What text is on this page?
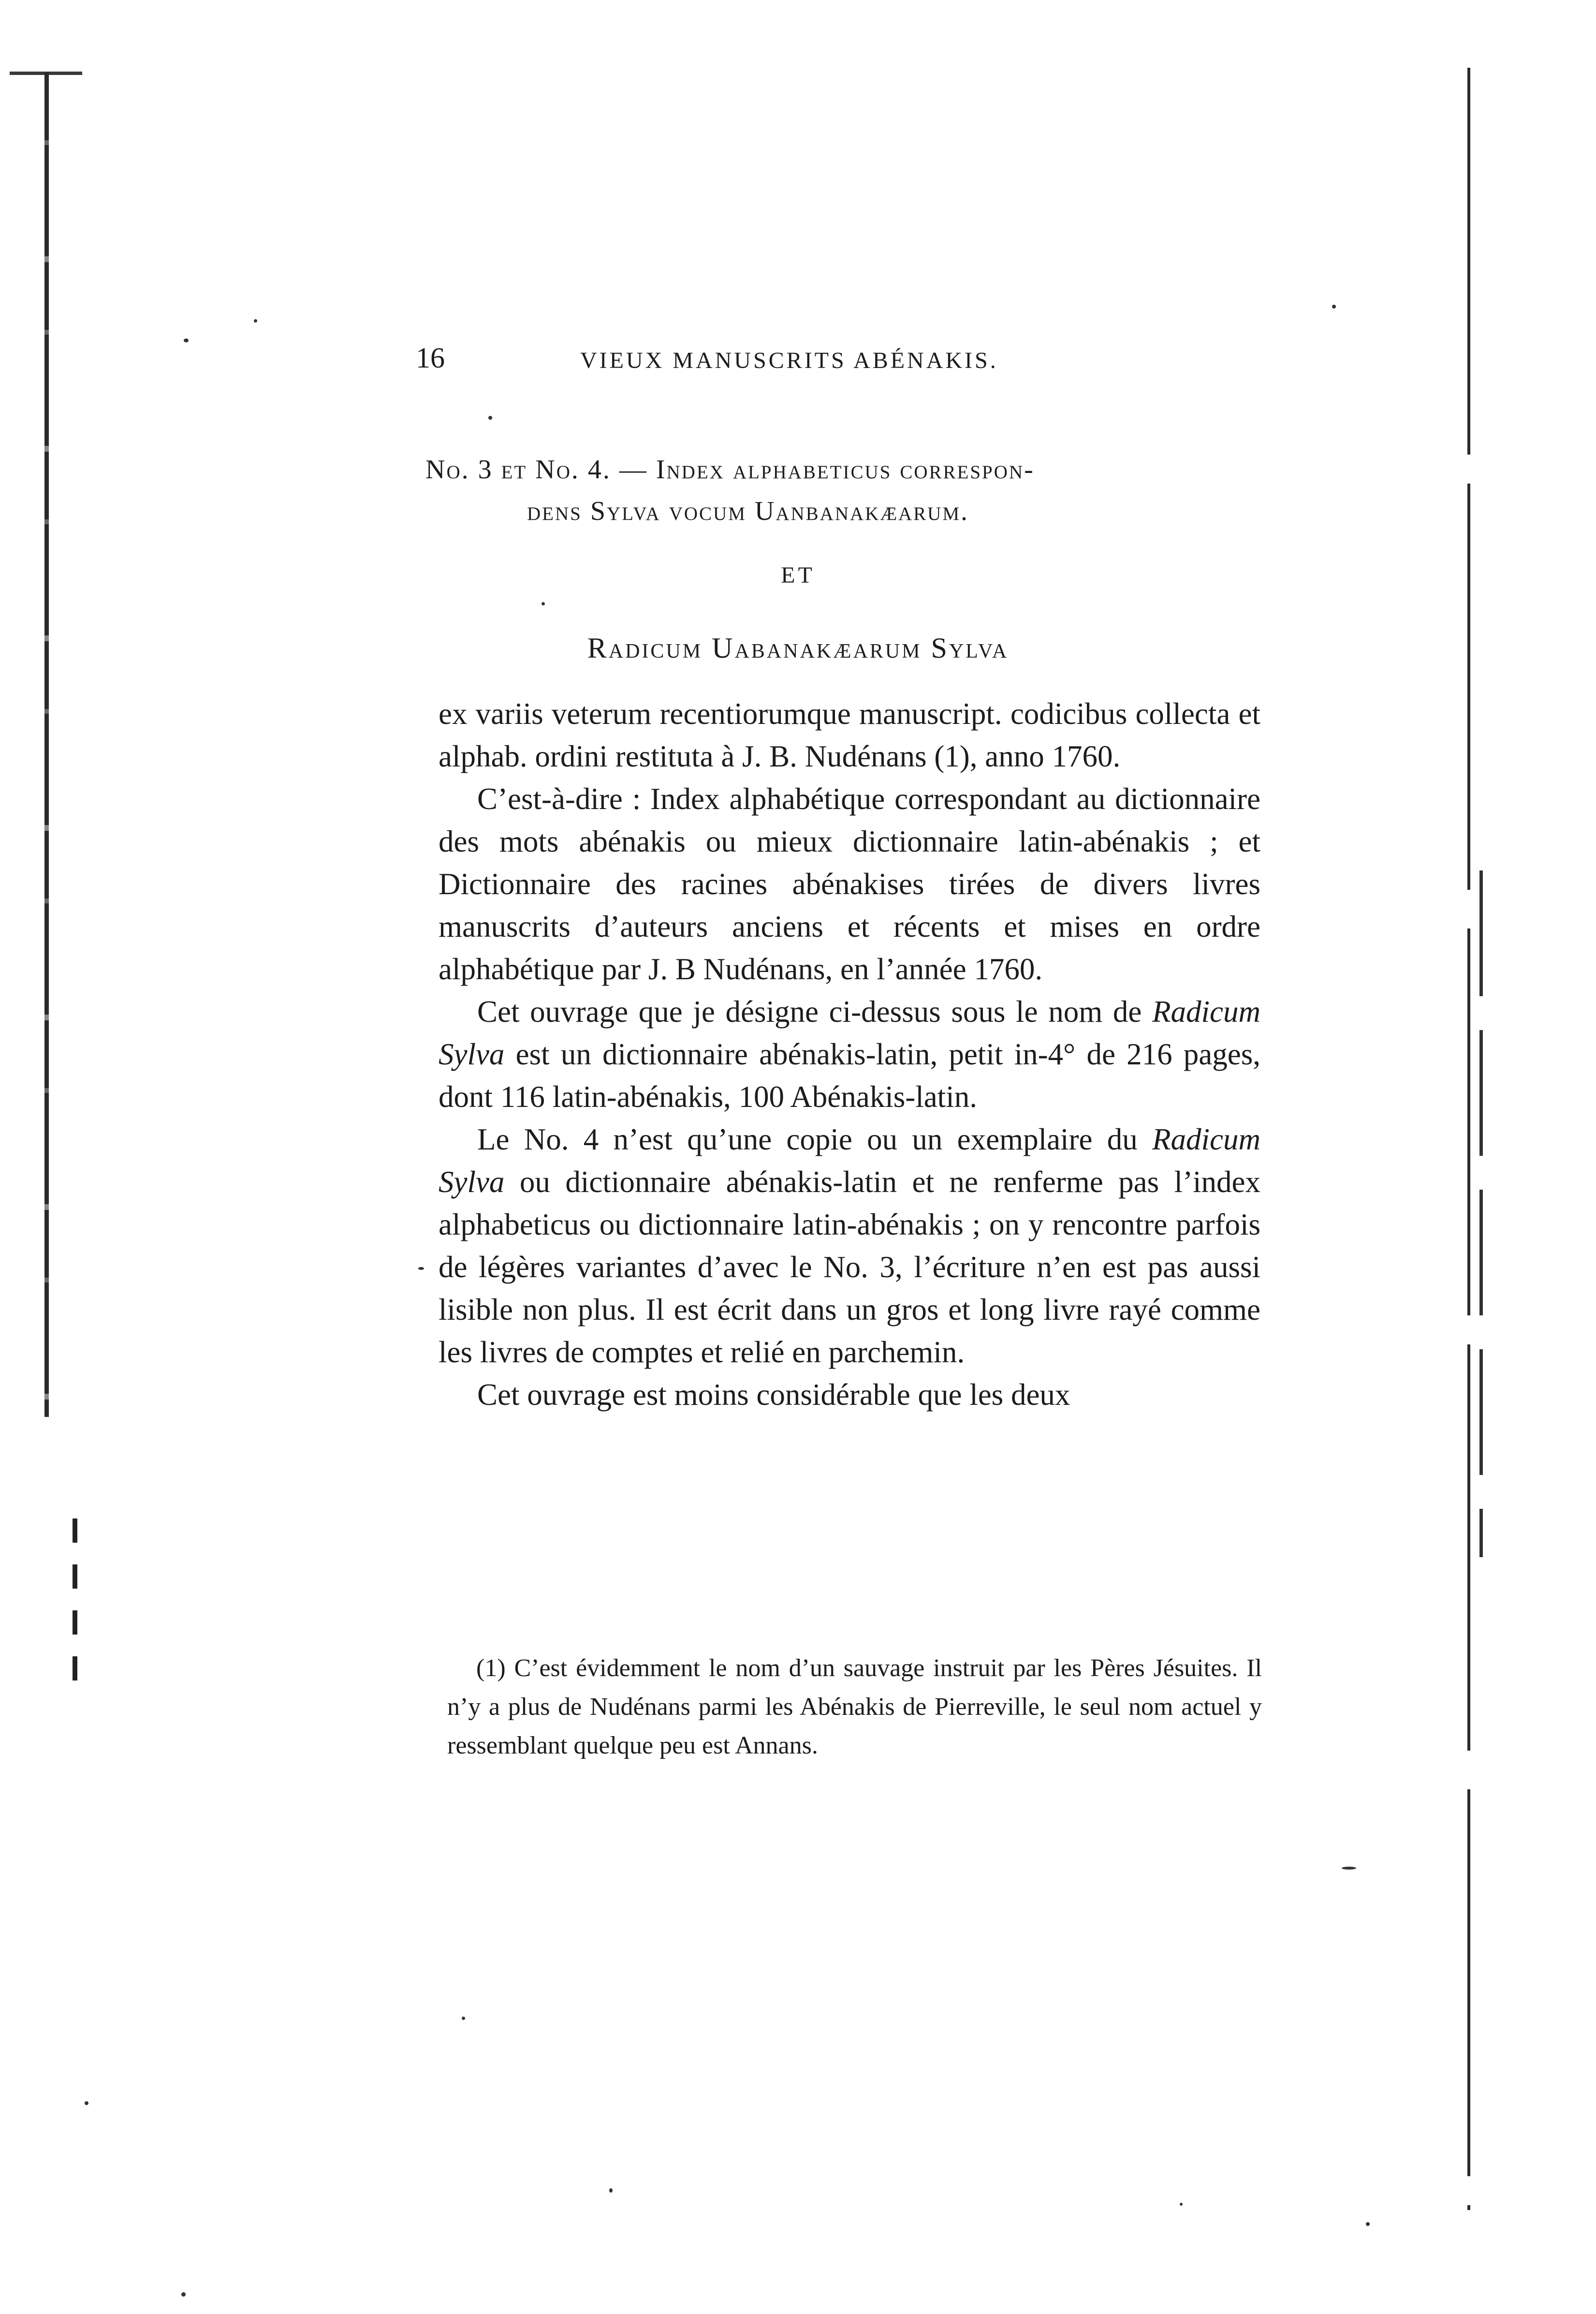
16	VIEUX MANUSCRITS ABÉNAKIS.
No. 3 et No. 4. — Index alphabeticus correspon-
dens Sylva vocum Uanbanakæarum.
ET
Radicum Uabanakæarum Sylva

ex variis veterum recentiorumque manuscript. codicibus collecta et alphab. ordini restituta à J. B. Nudénans (1), anno 1760.

C’est-à-dire : Index alphabétique correspondant au dictionnaire des mots abénakis ou mieux dictionnaire latin-abénakis ; et Dictionnaire des racines abénakises tirées de divers livres manuscrits d’auteurs anciens et récents et mises en ordre alphabétique par J. B Nudénans, en l’année 1760.

Cet ouvrage que je désigne ci-dessus sous le nom de Radicum Sylva est un dictionnaire abénakis-latin, petit in-4° de 216 pages, dont 116 latin-abénakis, 100 Abénakis-latin.

Le No. 4 n’est qu’une copie ou un exemplaire du Radicum Sylva ou dictionnaire abénakis-latin et ne renferme pas l’index alphabeticus ou dictionnaire latin-abénakis ; on y rencontre parfois de légères variantes d’avec le No. 3, l’écriture n’en est pas aussi lisible non plus. Il est écrit dans un gros et long livre rayé comme les livres de comptes et relié en parchemin.

Cet ouvrage est moins considérable que les deux

(1) C’est évidemment le nom d’un sauvage instruit par les Pères Jésuites. Il n’y a plus de Nudénans parmi les Abénakis de Pierreville, le seul nom actuel y ressemblant quelque peu est Annans.
